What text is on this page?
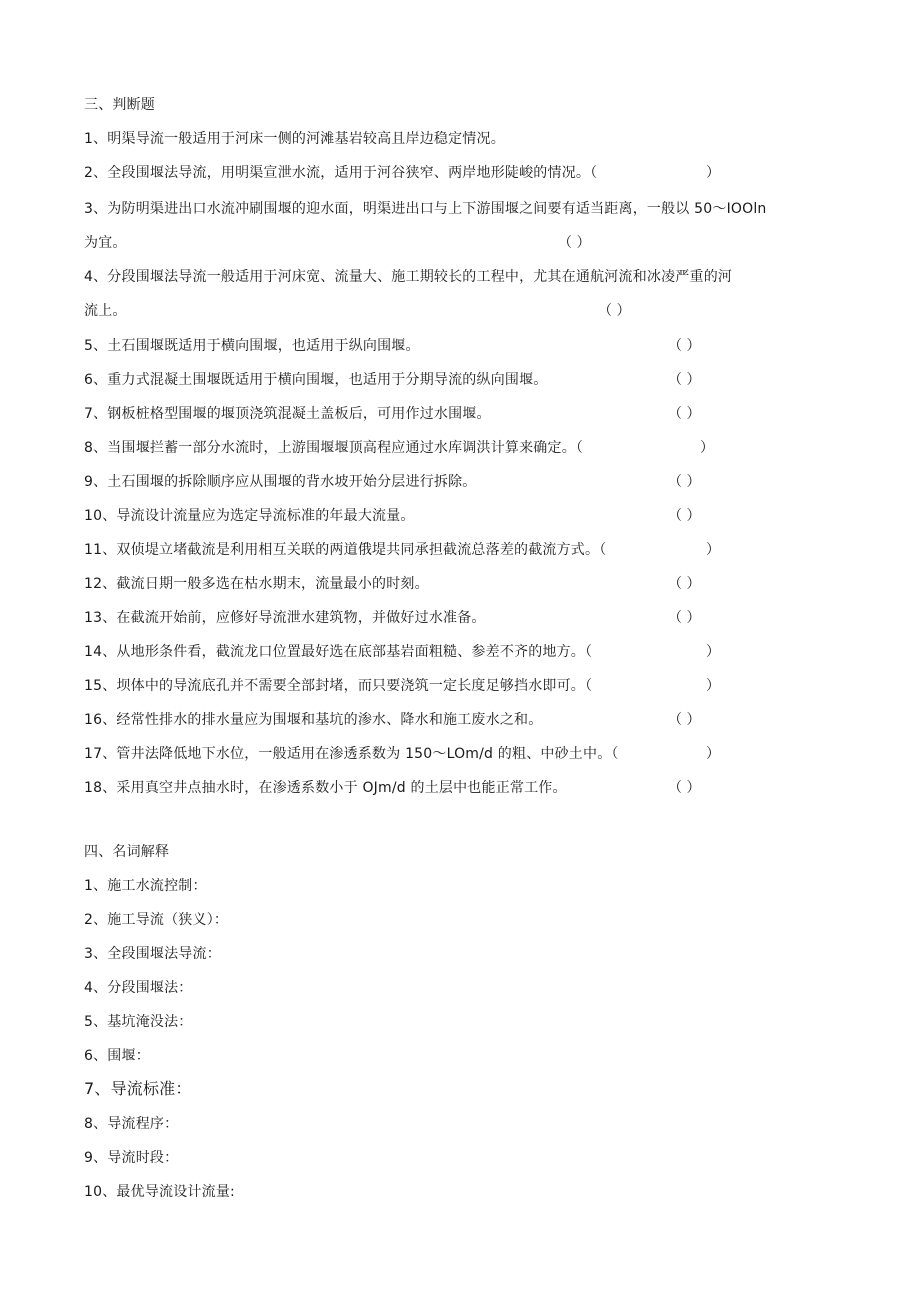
三、判断题
1、明渠导流一般适用于河床一侧的河滩基岩较高且岸边稳定情况。
2、全段围堰法导流，用明渠宣泄水流，适用于河谷狭窄、两岸地形陡峻的情况。（	）
3、为防明渠进出口水流冲刷围堰的迎水面，明渠进出口与上下游围堰之间要有适当距离，一般以 50～IOOln
为宜。	（ ）
4、分段围堰法导流一般适用于河床宽、流量大、施工期较长的工程中，尤其在通航河流和冰凌严重的河
流上。	（ ）
5、土石围堰既适用于横向围堰，也适用于纵向围堰。	（ ）
6、重力式混凝土围堰既适用于横向围堰，也适用于分期导流的纵向围堰。	（ ）
7、钢板桩格型围堰的堰顶浇筑混凝土盖板后，可用作过水围堰。	（ ）
8、当围堰拦蓄一部分水流时，上游围堰堰顶高程应通过水库调洪计算来确定。（	）
9、土石围堰的拆除顺序应从围堰的背水坡开始分层进行拆除。	（ ）
10、导流设计流量应为选定导流标准的年最大流量。	（ ）
11、双侦堤立堵截流是利用相互关联的两道俄堤共同承担截流总落差的截流方式。（	）
12、截流日期一般多选在枯水期末，流量最小的时刻。	（ ）
13、在截流开始前，应修好导流泄水建筑物，并做好过水准备。	（ ）
14、从地形条件看，截流龙口位置最好选在底部基岩面粗糙、参差不齐的地方。（	）
15、坝体中的导流底孔并不需要全部封堵，而只要浇筑一定长度足够挡水即可。（	）
16、经常性排水的排水量应为围堰和基坑的渗水、降水和施工废水之和。	（ ）
17、管井法降低地下水位，一般适用在渗透系数为 150～LOm/d 的粗、中砂土中。（	）
18、采用真空井点抽水时，在渗透系数小于 OJm/d 的土层中也能正常工作。	（ ）
四、名词解释
1、施工水流控制：
2、施工导流（狭义）：
3、全段围堰法导流：
4、分段围堰法：
5、基坑淹没法：
6、围堰：
7、导流标准：
8、导流程序：
9、导流时段：
10、最优导流设计流量:
